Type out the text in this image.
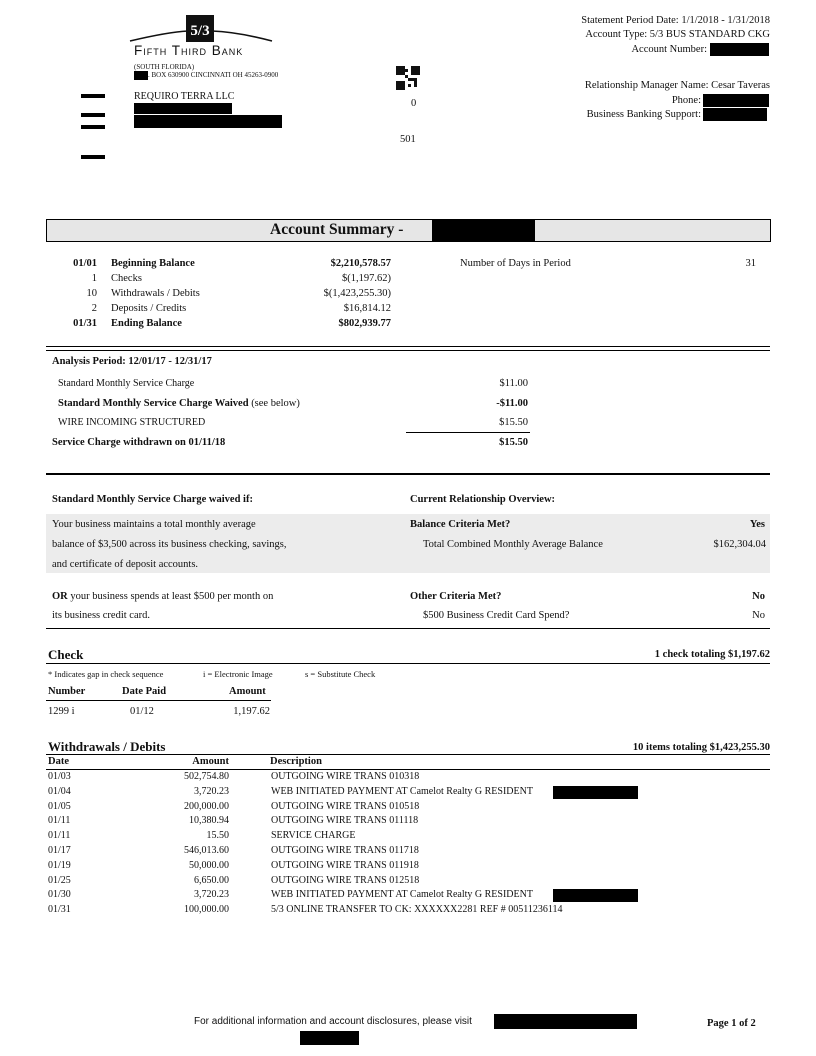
5/3
Fifth Third Bank
(SOUTH FLORIDA)
. BOX 630900 CINCINNATI OH 45263-0900
REQUIRO TERRA LLC
0
501
Statement Period Date: 1/1/2018 - 1/31/2018
Account Type: 5/3 BUS STANDARD CKG
Account Number:
Relationship Manager Name: Cesar Taveras
Phone:
Business Banking Support:
Account Summary -
01/01 Beginning Balance	$2,210,578.57
1 Checks	$(1,197.62)
10 Withdrawals / Debits	$(1,423,255.30)
2 Deposits / Credits	$16,814.12
01/31 Ending Balance	$802,939.77
Number of Days in Period	31
Analysis Period: 12/01/17 - 12/31/17
Standard Monthly Service Charge	$11.00
Standard Monthly Service Charge Waived (see below)	-$11.00
WIRE INCOMING STRUCTURED	$15.50
Service Charge withdrawn on 01/11/18	$15.50
Standard Monthly Service Charge waived if:	Current Relationship Overview:
Your business maintains a total monthly average
balance of $3,500 across its business checking, savings,
and certificate of deposit accounts.
Balance Criteria Met?	Yes
Total Combined Monthly Average Balance	$162,304.04
OR your business spends at least $500 per month on
its business credit card.
Other Criteria Met?	No
$500 Business Credit Card Spend?	No
Check	1 check totaling $1,197.62
* Indicates gap in check sequence	i = Electronic Image	s = Substitute Check
Number	Date Paid	Amount
1299 i	01/12	1,197.62
Withdrawals / Debits	10 items totaling $1,423,255.30
Date	Amount	Description
01/03	502,754.80	OUTGOING WIRE TRANS 010318
01/04	3,720.23	WEB INITIATED PAYMENT AT Camelot Realty G RESIDENT
01/05	200,000.00	OUTGOING WIRE TRANS 010518
01/11	10,380.94	OUTGOING WIRE TRANS 011118
01/11	15.50	SERVICE CHARGE
01/17	546,013.60	OUTGOING WIRE TRANS 011718
01/19	50,000.00	OUTGOING WIRE TRANS 011918
01/25	6,650.00	OUTGOING WIRE TRANS 012518
01/30	3,720.23	WEB INITIATED PAYMENT AT Camelot Realty G RESIDENT
01/31	100,000.00	5/3 ONLINE TRANSFER TO CK: XXXXXX2281 REF # 00511236114
For additional information and account disclosures, please visit	Page 1 of 2
